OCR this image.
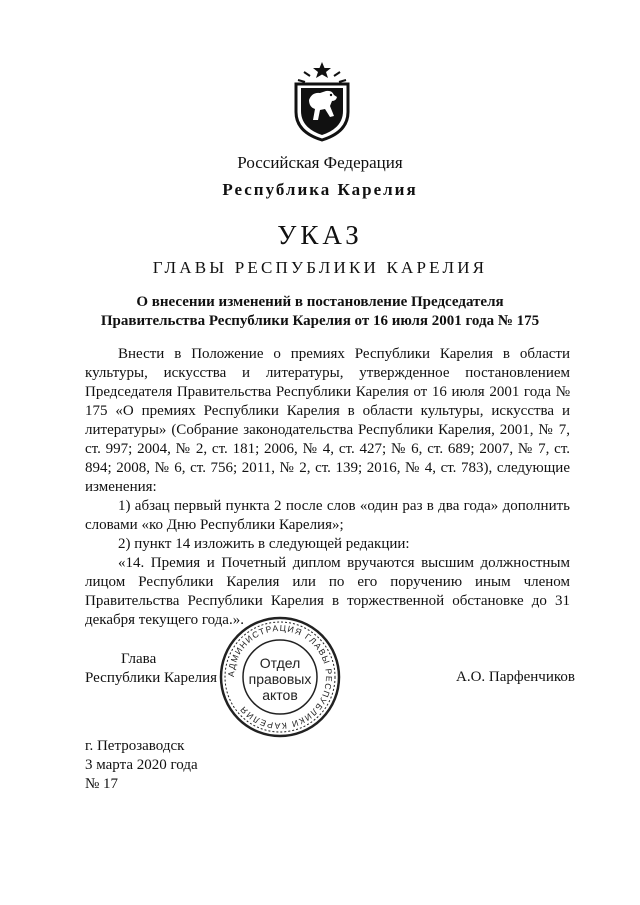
Российская Федерация
Республика Карелия
УКАЗ
ГЛАВЫ РЕСПУБЛИКИ КАРЕЛИЯ
О внесении изменений в постановление Председателя
Правительства Республики Карелия от 16 июля 2001 года № 175

Внести в Положение о премиях Республики Карелия в области культуры, искусства и литературы, утвержденное постановлением Председателя Правительства Республики Карелия от 16 июля 2001 года № 175 «О премиях Республики Карелия в области культуры, искусства и литературы» (Собрание законодательства Республики Карелия, 2001, № 7, ст. 997; 2004, № 2, ст. 181; 2006, № 4, ст. 427; № 6, ст. 689; 2007, № 7, ст. 894; 2008, № 6, ст. 756; 2011, № 2, ст. 139; 2016, № 4, ст. 783), следующие изменения:

1) абзац первый пункта 2 после слов «один раз в два года» дополнить словами «ко Дню Республики Карелия»;

2) пункт 14 изложить в следующей редакции:

«14. Премия и Почетный диплом вручаются высшим должностным лицом Республики Карелия или по его поручению иным членом Правительства Республики Карелия в торжественной обстановке до 31 декабря текущего года.».

Глава
Республики Карелия	АДМИНИСТРАЦИЯ ГЛАВЫ РЕСПУБЛИКИ КАРЕЛИЯ
Отдел
правовых
актов
А.О. Парфенчиков
г. Петрозаводск
3 марта 2020 года
№ 17
